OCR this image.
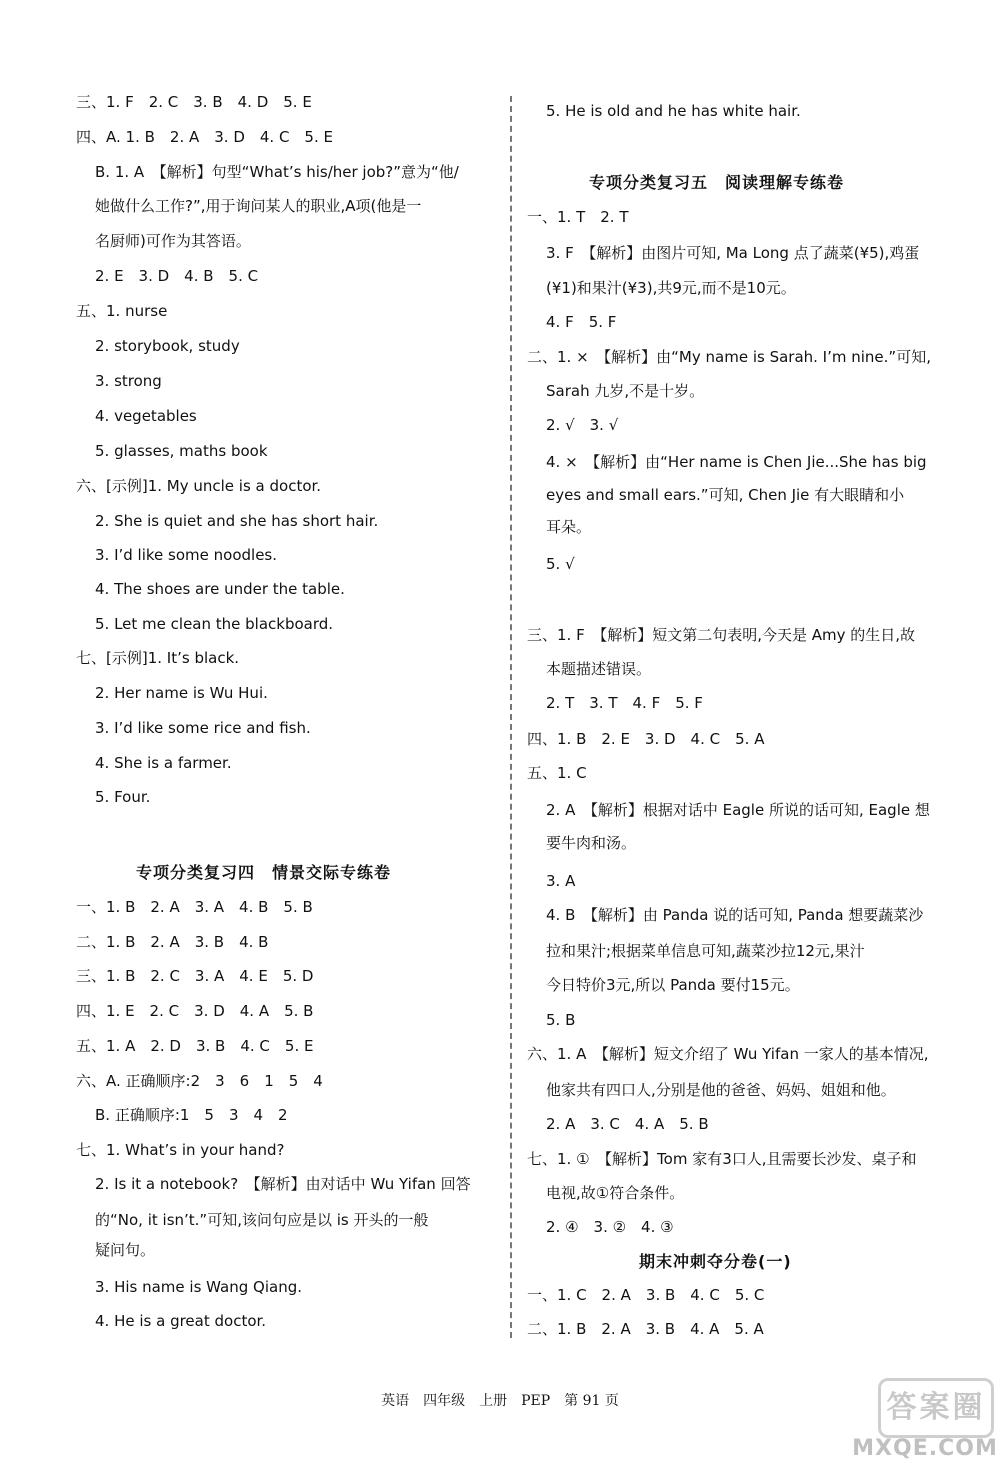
三、1. F　2. C　3. B　4. D　5. E
四、A. 1. B　2. A　3. D　4. C　5. E
B. 1. A　【解析】句型“What’s his/her job?”意为“他/
她做什么工作?”,用于询问某人的职业,A项(他是一
名厨师)可作为其答语。
2. E　3. D　4. B　5. C
五、1. nurse
2. storybook, study
3. strong
4. vegetables
5. glasses, maths book
六、[示例]1. My uncle is a doctor.
2. She is quiet and she has short hair.
3. I’d like some noodles.
4. The shoes are under the table.
5. Let me clean the blackboard.
七、[示例]1. It’s black.
2. Her name is Wu Hui.
3. I’d like some rice and fish.
4. She is a farmer.
5. Four.
专项分类复习四　情景交际专练卷
一、1. B　2. A　3. A　4. B　5. B
二、1. B　2. A　3. B　4. B
三、1. B　2. C　3. A　4. E　5. D
四、1. E　2. C　3. D　4. A　5. B
五、1. A　2. D　3. B　4. C　5. E
六、A. 正确顺序:2　3　6　1　5　4
B. 正确顺序:1　5　3　4　2
七、1. What’s in your hand?
2. Is it a notebook?　【解析】由对话中 Wu Yifan 回答
的“No, it isn’t.”可知,该问句应是以 is 开头的一般
疑问句。
3. His name is Wang Qiang.
4. He is a great doctor.
5. He is old and he has white hair.
专项分类复习五　阅读理解专练卷
一、1. T　2. T
3. F　【解析】由图片可知, Ma Long 点了蔬菜(¥5),鸡蛋
(¥1)和果汁(¥3),共9元,而不是10元。
4. F　5. F
二、1. ×　【解析】由“My name is Sarah. I’m nine.”可知,
Sarah 九岁,不是十岁。
2. √　3. √
4. ×　【解析】由“Her name is Chen Jie...She has big
eyes and small ears.”可知, Chen Jie 有大眼睛和小
耳朵。
5. √
三、1. F　【解析】短文第二句表明,今天是 Amy 的生日,故
本题描述错误。
2. T　3. T　4. F　5. F
四、1. B　2. E　3. D　4. C　5. A
五、1. C
2. A　【解析】根据对话中 Eagle 所说的话可知, Eagle 想
要牛肉和汤。
3. A
4. B　【解析】由 Panda 说的话可知, Panda 想要蔬菜沙
拉和果汁;根据菜单信息可知,蔬菜沙拉12元,果汁
今日特价3元,所以 Panda 要付15元。
5. B
六、1. A　【解析】短文介绍了 Wu Yifan 一家人的基本情况,
他家共有四口人,分别是他的爸爸、妈妈、姐姐和他。
2. A　3. C　4. A　5. B
七、1. ①　【解析】Tom 家有3口人,且需要长沙发、桌子和
电视,故①符合条件。
2. ④　3. ②　4. ③
期末冲刺夺分卷(一)
一、1. C　2. A　3. B　4. C　5. C
二、1. B　2. A　3. B　4. A　5. A
英语　四年级　上册　PEP　第 91 页	答案圈
MXQE.COM
